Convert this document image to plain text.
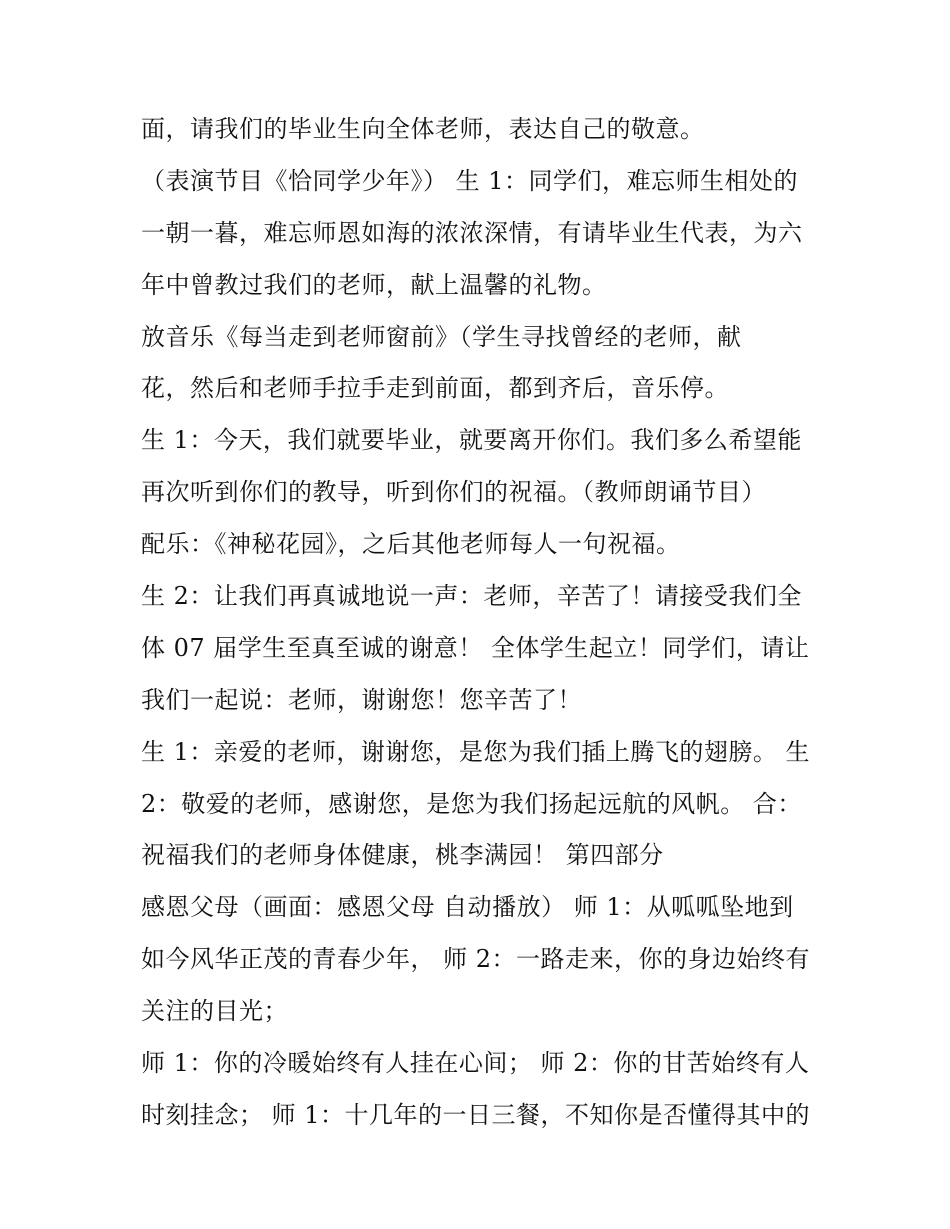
面，请我们的毕业生向全体老师，表达自己的敬意。
（表演节目《恰同学少年》） 生 1：同学们，难忘师生相处的
一朝一暮，难忘师恩如海的浓浓深情，有请毕业生代表，为六
年中曾教过我们的老师，献上温馨的礼物。
放音乐《每当走到老师窗前》（学生寻找曾经的老师，献
花，然后和老师手拉手走到前面，都到齐后，音乐停。
生 1：今天，我们就要毕业，就要离开你们。我们多么希望能
再次听到你们的教导，听到你们的祝福。（教师朗诵节目）
配乐：《神秘花园》，之后其他老师每人一句祝福。
生 2：让我们再真诚地说一声：老师，辛苦了！请接受我们全
体 07 届学生至真至诚的谢意！ 全体学生起立！同学们，请让
我们一起说：老师，谢谢您！您辛苦了！
生 1：亲爱的老师，谢谢您，是您为我们插上腾飞的翅膀。 生
2：敬爱的老师，感谢您，是您为我们扬起远航的风帆。 合：
祝福我们的老师身体健康，桃李满园！ 第四部分
感恩父母（画面：感恩父母 自动播放） 师 1：从呱呱坠地到
如今风华正茂的青春少年， 师 2：一路走来，你的身边始终有
关注的目光；
师 1：你的冷暖始终有人挂在心间； 师 2：你的甘苦始终有人
时刻挂念； 师 1：十几年的一日三餐，不知你是否懂得其中的
